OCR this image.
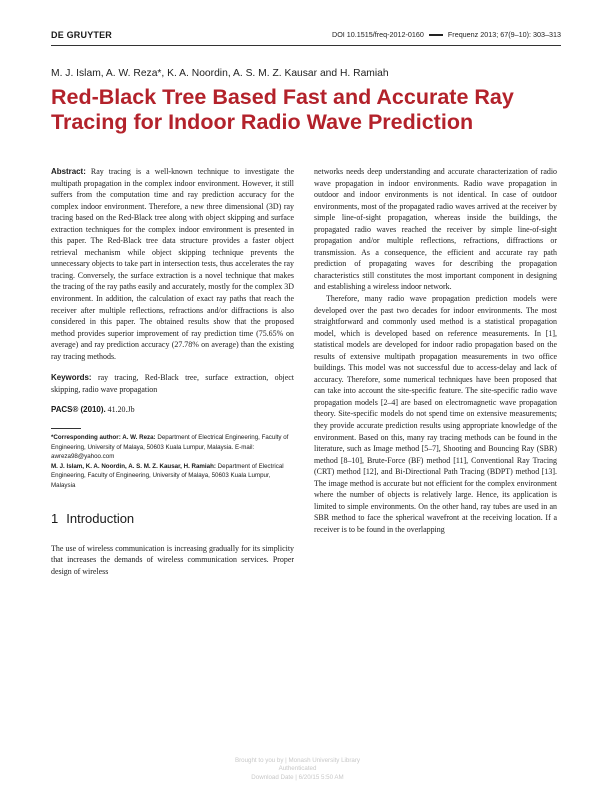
DE GRUYTER	DOI 10.1515/freq-2012-0160	Frequenz 2013; 67(9–10): 303–313
M. J. Islam, A. W. Reza*, K. A. Noordin, A. S. M. Z. Kausar and H. Ramiah
Red-Black Tree Based Fast and Accurate Ray Tracing for Indoor Radio Wave Prediction

Abstract: Ray tracing is a well-known technique to investigate the multipath propagation in the complex indoor environment. However, it still suffers from the computation time and ray prediction accuracy for the complex indoor environment. Therefore, a new three dimensional (3D) ray tracing based on the Red-Black tree along with object skipping and surface extraction techniques for the complex indoor environment is presented in this paper. The Red-Black tree data structure provides a faster object retrieval mechanism while object skipping technique prevents the unnecessary objects to take part in intersection tests, thus accelerates the ray tracing. Conversely, the surface extraction is a novel technique that makes the tracing of the ray paths easily and accurately, mostly for the complex 3D environment. In addition, the calculation of exact ray paths that reach the receiver after multiple reflections, refractions and/or diffractions is also considered in this paper. The obtained results show that the proposed method provides superior improvement of ray prediction time (75.65% on average) and ray prediction accuracy (27.78% on average) than the existing ray tracing methods.

Keywords: ray tracing, Red-Black tree, surface extraction, object skipping, radio wave propagation

PACS® (2010). 41.20.Jb

*Corresponding author: A. W. Reza: Department of Electrical Engineering, Faculty of Engineering, University of Malaya, 50603 Kuala Lumpur, Malaysia. E-mail: awreza98@yahoo.com

M. J. Islam, K. A. Noordin, A. S. M. Z. Kausar, H. Ramiah: Department of Electrical Engineering, Faculty of Engineering, University of Malaya, 50603 Kuala Lumpur, Malaysia

1 Introduction

The use of wireless communication is increasing gradually for its simplicity that increases the demands of wireless communication services. Proper design of wireless

networks needs deep understanding and accurate characterization of radio wave propagation in indoor environments. Radio wave propagation in outdoor and indoor environments is not identical. In case of outdoor environments, most of the propagated radio waves arrived at the receiver by simple line-of-sight propagation, whereas inside the buildings, the propagated radio waves reached the receiver by simple line-of-sight propagation and/or multiple reflections, refractions, diffractions or transmission. As a consequence, the efficient and accurate ray path prediction of propagating waves for describing the propagation characteristics still constitutes the most important component in designing and establishing a wireless indoor network.

Therefore, many radio wave propagation prediction models were developed over the past two decades for indoor environments. The most straightforward and commonly used method is a statistical propagation model, which is developed based on reference measurements. In [1], statistical models are developed for indoor radio propagation based on the results of extensive multipath propagation measurements in two office buildings. This model was not successful due to access-delay and lack of accuracy. Therefore, some numerical techniques have been proposed that can take into account the site-specific feature. The site-specific radio wave propagation models [2–4] are based on electromagnetic wave propagation theory. Site-specific models do not spend time on extensive measurements; they provide accurate prediction results using appropriate knowledge of the environment. Based on this, many ray tracing methods can be found in the literature, such as Image method [5–7], Shooting and Bouncing Ray (SBR) method [8–10], Brute-Force (BF) method [11], Conventional Ray Tracing (CRT) method [12], and Bi-Directional Path Tracing (BDPT) method [13]. The image method is accurate but not efficient for the complex environment where the number of objects is relatively large. Hence, its application is limited to simple environments. On the other hand, ray tubes are used in an SBR method to face the spherical wavefront at the receiving location. If a receiver is to be found in the overlapping

Brought to you by | Monash University Library
Authenticated
Download Date | 6/20/15 5:50 AM
